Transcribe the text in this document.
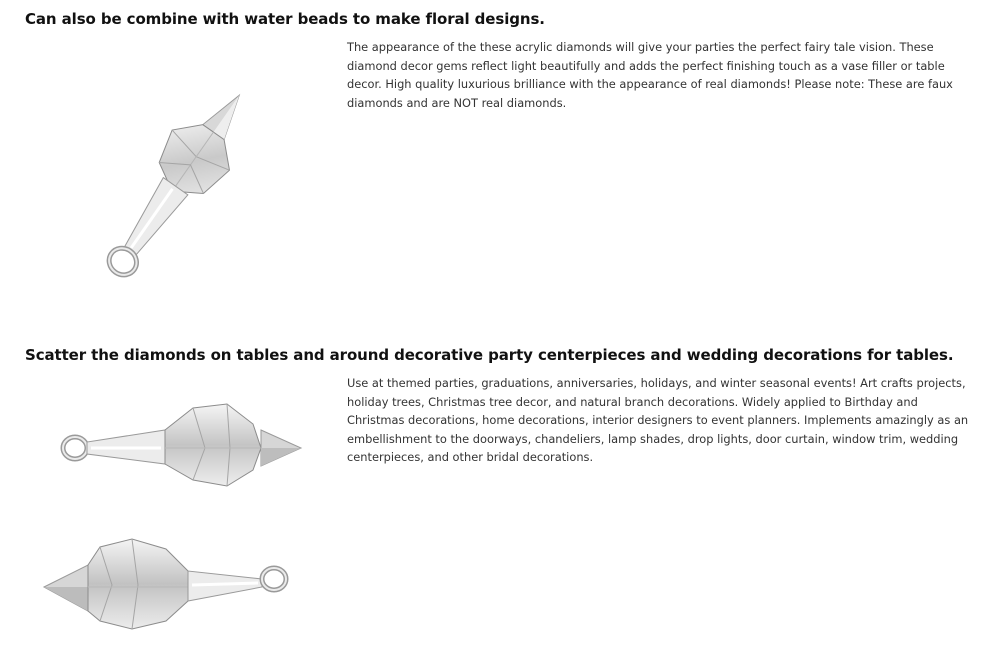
Can also be combine with water beads to make floral designs.

The appearance of the these acrylic diamonds will give your parties the perfect fairy tale vision. These diamond decor gems reflect light beautifully and adds the perfect finishing touch as a vase filler or table decor. High quality luxurious brilliance with the appearance of real diamonds! Please note: These are faux diamonds and are NOT real diamonds.

Scatter the diamonds on tables and around decorative party centerpieces and wedding decorations for tables.

Use at themed parties, graduations, anniversaries, holidays, and winter seasonal events! Art crafts projects, holiday trees, Christmas tree decor, and natural branch decorations. Widely applied to Birthday and Christmas decorations, home decorations, interior designers to event planners. Implements amazingly as an embellishment to the doorways, chandeliers, lamp shades, drop lights, door curtain, window trim, wedding centerpieces, and other bridal decorations.
